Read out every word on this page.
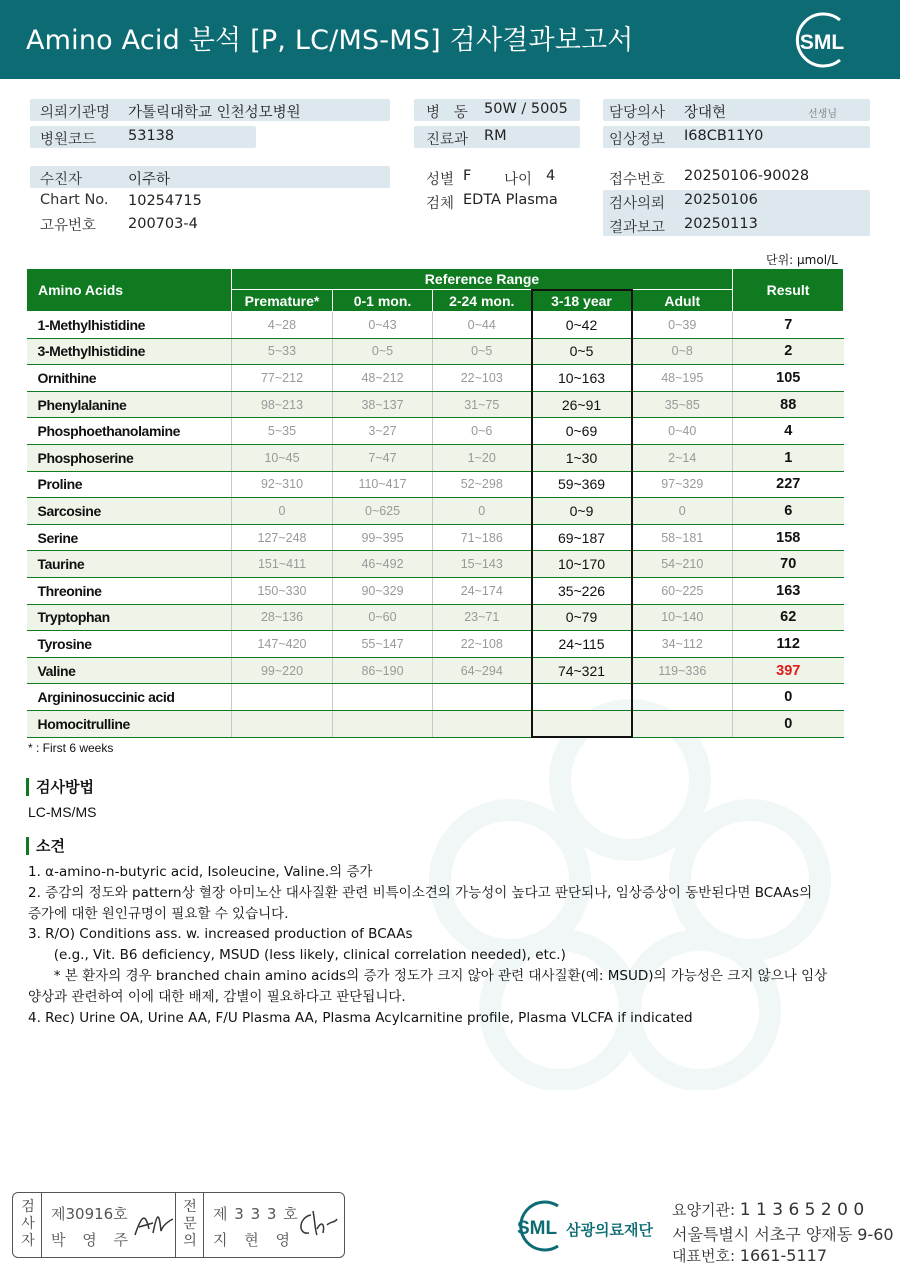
Amino Acid 분석 [P, LC/MS-MS] 검사결과보고서	SML
의뢰기관명 가톨릭대학교 인천성모병원
병원코드 53138
병   동 50W / 5005
진료과 RM
담당의사 장대현	선생님
임상정보 I68CB11Y0
수진자	이주하
Chart No. 10254715
고유번호 200703-4
성별 F 나이 4
검체 EDTA Plasma
접수번호 20250106-90028
검사의뢰 20250106
결과보고 20250113
단위: μmol/L
Amino Acids	Reference Range					Result
	Premature*	0-1 mon.	2-24 mon.	3-18 year	Adult	
1-Methylhistidine	4~28	0~43	0~44	0~42	0~39	7
3-Methylhistidine	5~33	0~5	0~5	0~5	0~8	2
Ornithine	77~212	48~212	22~103	10~163	48~195	105
Phenylalanine	98~213	38~137	31~75	26~91	35~85	88
Phosphoethanolamine	5~35	3~27	0~6	0~69	0~40	4
Phosphoserine	10~45	7~47	1~20	1~30	2~14	1
Proline	92~310	110~417	52~298	59~369	97~329	227
Sarcosine	0	0~625	0	0~9	0	6
Serine	127~248	99~395	71~186	69~187	58~181	158
Taurine	151~411	46~492	15~143	10~170	54~210	70
Threonine	150~330	90~329	24~174	35~226	60~225	163
Tryptophan	28~136	0~60	23~71	0~79	10~140	62
Tyrosine	147~420	55~147	22~108	24~115	34~112	112
Valine	99~220	86~190	64~294	74~321	119~336	397
Argininosuccinic acid						0
Homocitrulline						0
* : First 6 weeks
검사방법
LC-MS/MS
소견
1. α-amino-n-butyric acid, Isoleucine, Valine.의 증가
2. 증감의 정도와 pattern상 혈장 아미노산 대사질환 관련 비특이소견의 가능성이 높다고 판단되나, 임상증상이 동반된다면 BCAAs의
증가에 대한 원인규명이 필요할 수 있습니다.
3. R/O) Conditions ass. w. increased production of BCAAs
(e.g., Vit. B6 deficiency, MSUD (less likely, clinical correlation needed), etc.)
* 본 환자의 경우 branched chain amino acids의 증가 정도가 크지 않아 관련 대사질환(예: MSUD)의 가능성은 크지 않으나 임상
양상과 관련하여 이에 대한 배제, 감별이 필요하다고 판단됩니다.
4. Rec) Urine OA, Urine AA, F/U Plasma AA, Plasma Acylcarnitine profile, Plasma VLCFA if indicated
검사자
제30916호
박 영 주
전문의
제 3 3 3 호
지 현 영
SML 삼광의료재단
요양기관: 1 1 3 6 5 2 0 0
서울특별시 서초구 양재동 9-60
대표번호: 1661-5117
